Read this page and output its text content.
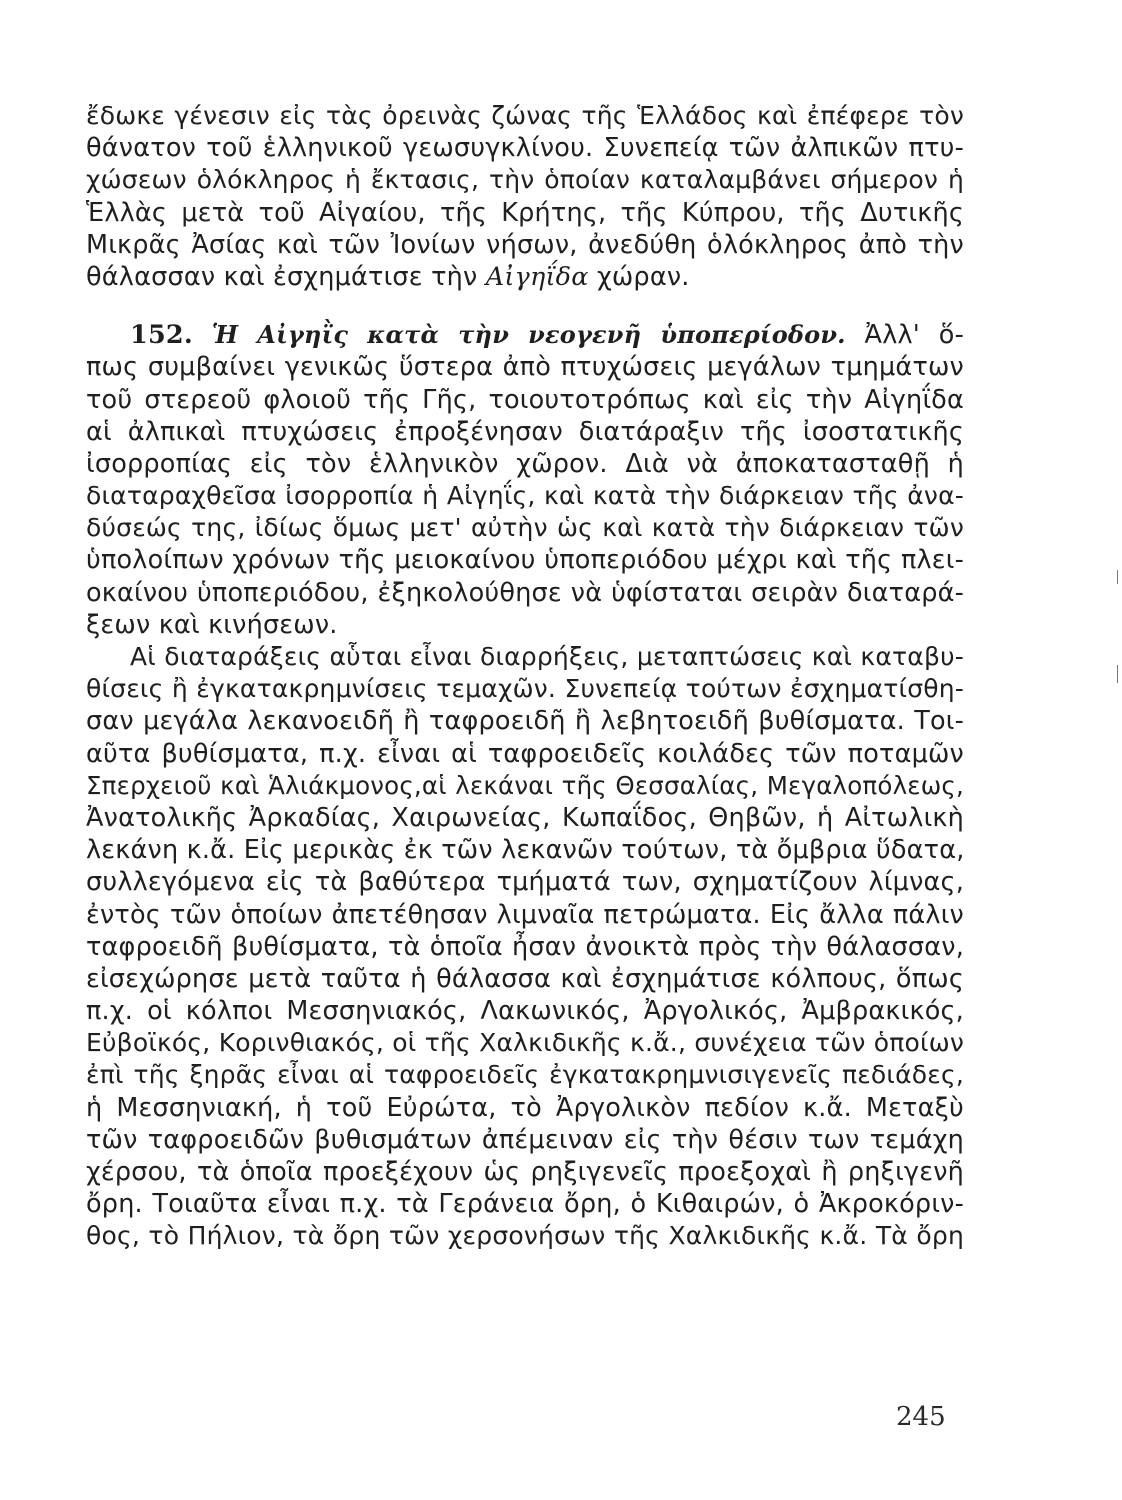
ἔδωκε γένεσιν εἰς τὰς ὀρεινὰς ζώνας τῆς Ἑλλάδος καὶ ἐπέφερε τὸν
θάνατον τοῦ ἑλληνικοῦ γεωσυγκλίνου. Συνεπείᾳ τῶν ἀλπικῶν πτυ-
χώσεων ὁλόκληρος ἡ ἔκτασις, τὴν ὁποίαν καταλαμβάνει σήμερον ἡ
Ἑλλὰς μετὰ τοῦ Αἰγαίου, τῆς Κρήτης, τῆς Κύπρου, τῆς Δυτικῆς
Μικρᾶς Ἀσίας καὶ τῶν Ἰονίων νήσων, ἀνεδύθη ὁλόκληρος ἀπὸ τὴν
θάλασσαν καὶ ἐσχημάτισε τὴν Αἰγηΐδα χώραν.
152. Ἡ Αἰγηῒς κατὰ τὴν νεογενῆ ὑποπερίοδον. Ἀλλ' ὅ-
πως συμβαίνει γενικῶς ὕστερα ἀπὸ πτυχώσεις μεγάλων τμημάτων
τοῦ στερεοῦ φλοιοῦ τῆς Γῆς, τοιουτοτρόπως καὶ εἰς τὴν Αἰγηΐδα
αἱ ἀλπικαὶ πτυχώσεις ἐπροξένησαν διατάραξιν τῆς ἰσοστατικῆς
ἰσορροπίας εἰς τὸν ἑλληνικὸν χῶρον. Διὰ νὰ ἀποκατασταθῇ ἡ
διαταραχθεῖσα ἰσορροπία ἡ Αἰγηΐς, καὶ κατὰ τὴν διάρκειαν τῆς ἀνα-
δύσεώς της, ἰδίως ὅμως μετ' αὐτὴν ὡς καὶ κατὰ τὴν διάρκειαν τῶν
ὑπολοίπων χρόνων τῆς μειοκαίνου ὑποπεριόδου μέχρι καὶ τῆς πλει-
οκαίνου ὑποπεριόδου, ἐξηκολούθησε νὰ ὑφίσταται σειρὰν διαταρά-
ξεων καὶ κινήσεων.
Αἱ διαταράξεις αὗται εἶναι διαρρήξεις, μεταπτώσεις καὶ καταβυ-
θίσεις ἢ ἐγκατακρημνίσεις τεμαχῶν. Συνεπείᾳ τούτων ἐσχηματίσθη-
σαν μεγάλα λεκανοειδῆ ἢ ταφροειδῆ ἢ λεβητοειδῆ βυθίσματα. Τοι-
αῦτα βυθίσματα, π.χ. εἶναι αἱ ταφροειδεῖς κοιλάδες τῶν ποταμῶν
Σπερχειοῦ καὶ Ἁλιάκμονος,αἱ λεκάναι τῆς Θεσσαλίας, Μεγαλοπόλεως,
Ἀνατολικῆς Ἀρκαδίας, Χαιρωνείας, Κωπαΐδος, Θηβῶν, ἡ Αἰτωλικὴ
λεκάνη κ.ἄ. Εἰς μερικὰς ἐκ τῶν λεκανῶν τούτων, τὰ ὄμβρια ὕδατα,
συλλεγόμενα εἰς τὰ βαθύτερα τμήματά των, σχηματίζουν λίμνας,
ἐντὸς τῶν ὁποίων ἀπετέθησαν λιμναῖα πετρώματα. Εἰς ἄλλα πάλιν
ταφροειδῆ βυθίσματα, τὰ ὁποῖα ἦσαν ἀνοικτὰ πρὸς τὴν θάλασσαν,
εἰσεχώρησε μετὰ ταῦτα ἡ θάλασσα καὶ ἐσχημάτισε κόλπους, ὅπως
π.χ. οἱ κόλποι Μεσσηνιακός, Λακωνικός, Ἀργολικός, Ἀμβρακικός,
Εὐβοϊκός, Κορινθιακός, οἱ τῆς Χαλκιδικῆς κ.ἄ., συνέχεια τῶν ὁποίων
ἐπὶ τῆς ξηρᾶς εἶναι αἱ ταφροειδεῖς ἐγκατακρημνισιγενεῖς πεδιάδες,
ἡ Μεσσηνιακή, ἡ τοῦ Εὐρώτα, τὸ Ἀργολικὸν πεδίον κ.ἄ. Μεταξὺ
τῶν ταφροειδῶν βυθισμάτων ἀπέμειναν εἰς τὴν θέσιν των τεμάχη
χέρσου, τὰ ὁποῖα προεξέχουν ὡς ρηξιγενεῖς προεξοχαὶ ἢ ρηξιγενῆ
ὄρη. Τοιαῦτα εἶναι π.χ. τὰ Γεράνεια ὄρη, ὁ Κιθαιρών, ὁ Ἀκροκόριν-
θος, τὸ Πήλιον, τὰ ὄρη τῶν χερσονήσων τῆς Χαλκιδικῆς κ.ἄ. Τὰ ὄρη
245
